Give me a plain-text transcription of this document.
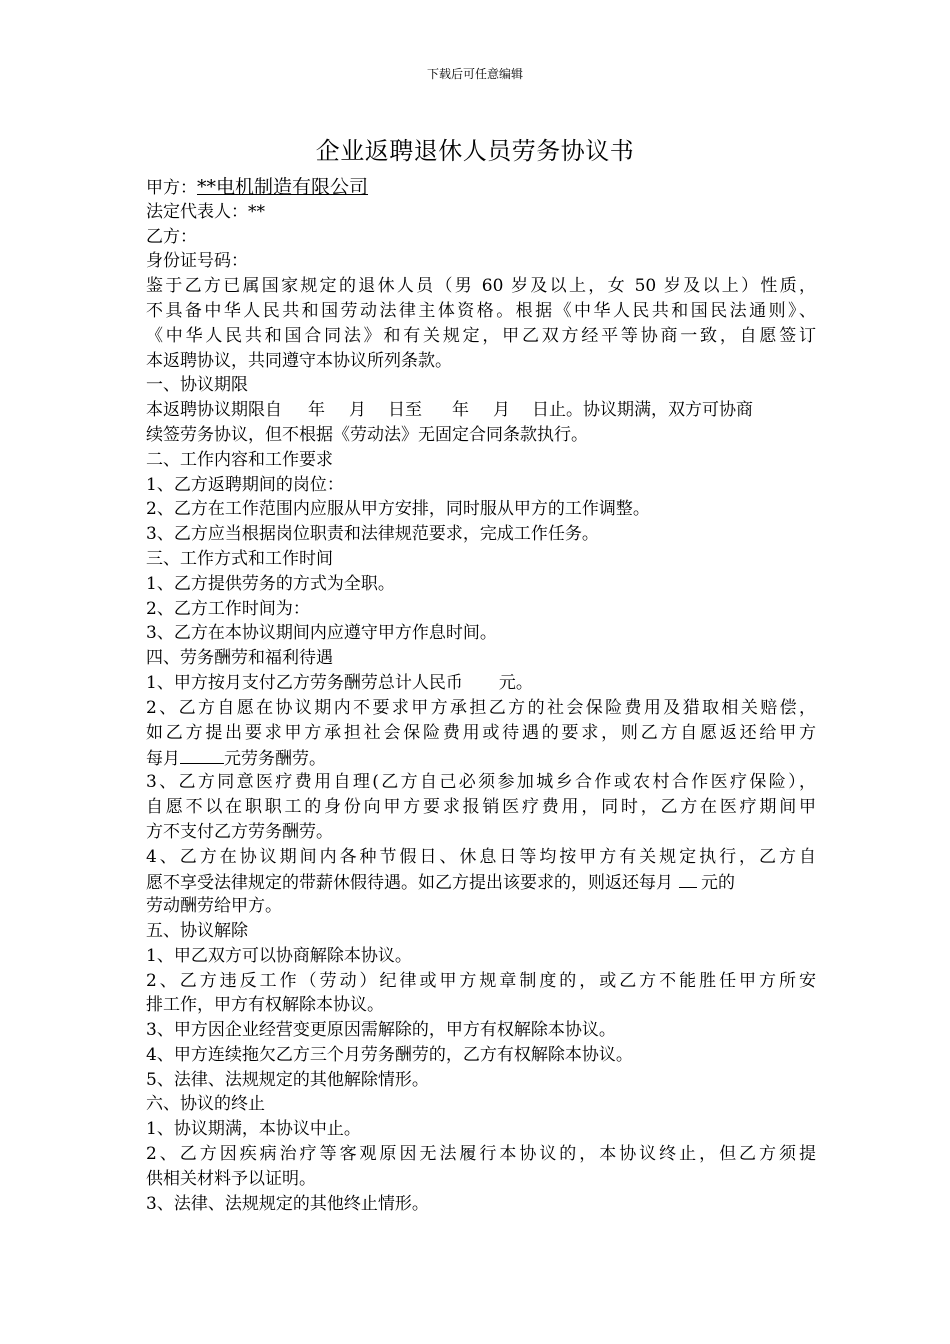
下载后可任意编辑
企业返聘退休人员劳务协议书
甲方：**电机制造有限公司
法定代表人：**
乙方：
身份证号码：
鉴于乙方已属国家规定的退休人员（男 60 岁及以上，女 50 岁及以上）性质，
不具备中华人民共和国劳动法律主体资格。根据《中华人民共和国民法通则》、
《中华人民共和国合同法》和有关规定，甲乙双方经平等协商一致，自愿签订
本返聘协议，共同遵守本协议所列条款。
一、协议期限
本返聘协议期限自 年 月 日至 年 月 日止。协议期满，双方可协商
续签劳务协议，但不根据《劳动法》无固定合同条款执行。
二、工作内容和工作要求
1、乙方返聘期间的岗位：
2、乙方在工作范围内应服从甲方安排，同时服从甲方的工作调整。
3、乙方应当根据岗位职责和法律规范要求，完成工作任务。
三、工作方式和工作时间
1、乙方提供劳务的方式为全职。
2、乙方工作时间为：
3、乙方在本协议期间内应遵守甲方作息时间。
四、劳务酬劳和福利待遇
1、甲方按月支付乙方劳务酬劳总计人民币 元。
2、乙方自愿在协议期内不要求甲方承担乙方的社会保险费用及猎取相关赔偿，
如乙方提出要求甲方承担社会保险费用或待遇的要求，则乙方自愿返还给甲方
每月	元劳务酬劳。
3、乙方同意医疗费用自理(乙方自己必须参加城乡合作或农村合作医疗保险），
自愿不以在职职工的身份向甲方要求报销医疗费用，同时，乙方在医疗期间甲
方不支付乙方劳务酬劳。
4、乙方在协议期间内各种节假日、休息日等均按甲方有关规定执行，乙方自
愿不享受法律规定的带薪休假待遇。如乙方提出该要求的，则返还每月 元的
劳动酬劳给甲方。
五、协议解除
1、甲乙双方可以协商解除本协议。
2、乙方违反工作（劳动）纪律或甲方规章制度的，或乙方不能胜任甲方所安
排工作，甲方有权解除本协议。
3、甲方因企业经营变更原因需解除的，甲方有权解除本协议。
4、甲方连续拖欠乙方三个月劳务酬劳的，乙方有权解除本协议。
5、法律、法规规定的其他解除情形。
六、协议的终止
1、协议期满，本协议中止。
2、乙方因疾病治疗等客观原因无法履行本协议的，本协议终止，但乙方须提
供相关材料予以证明。
3、法律、法规规定的其他终止情形。
